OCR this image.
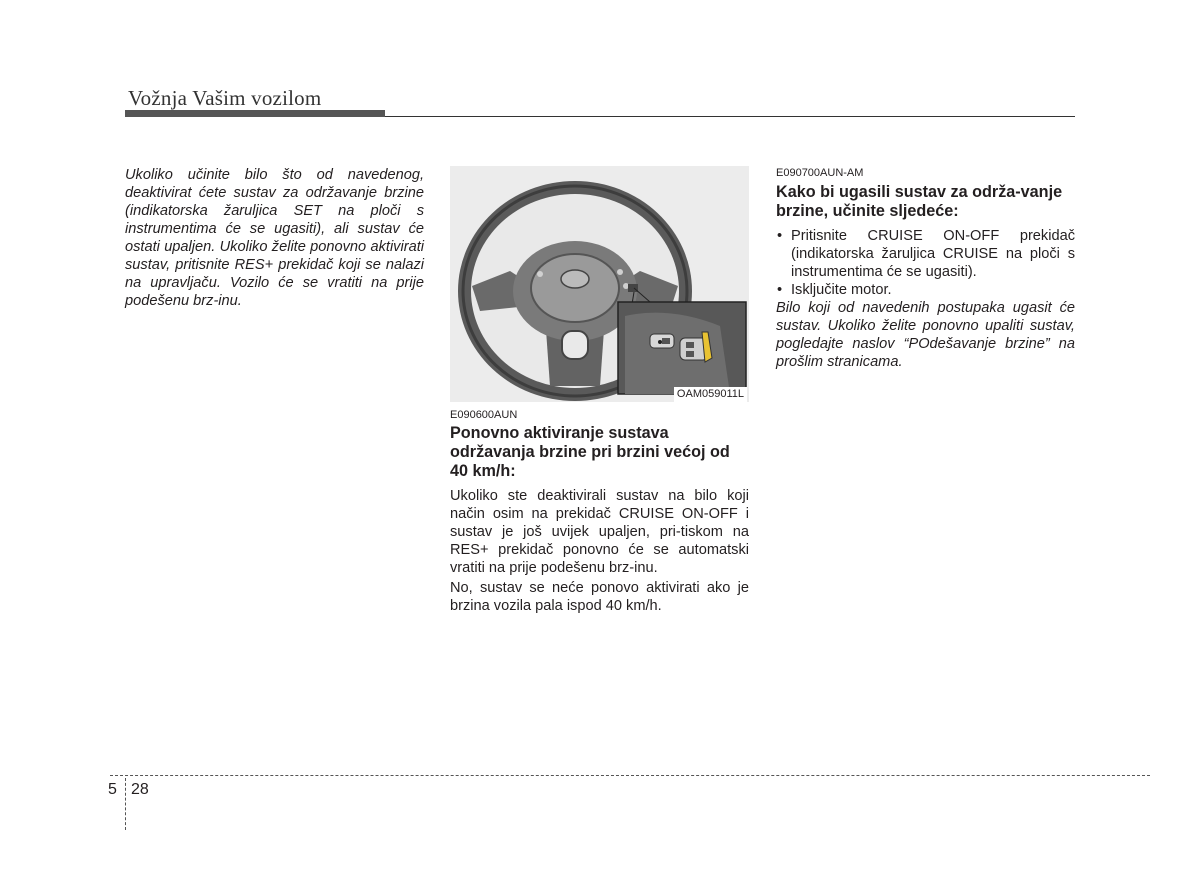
Vožnja Vašim vozilom

Ukoliko učinite bilo što od navedenog, deaktivirat ćete sustav za održavanje brzine (indikatorska žaruljica SET na ploči s instrumentima će se ugasiti), ali sustav će ostati upaljen. Ukoliko želite ponovno aktivirati sustav, pritisnite RES+ prekidač koji se nalazi na upravljaču. Vozilo će se vratiti na prije podešenu brz-inu.

OAM059011L

E090600AUN

Ponovno aktiviranje sustava održavanja brzine pri brzini većoj od 40 km/h:

Ukoliko ste deaktivirali sustav na bilo koji način osim na prekidač CRUISE ON-OFF i sustav je još uvijek upaljen, pri-tiskom na RES+ prekidač ponovno će se automatski vratiti na prije podešenu brz-inu.

No, sustav se neće ponovo aktivirati ako je brzina vozila pala ispod 40 km/h.

E090700AUN-AM

Kako bi ugasili sustav za održa-vanje brzine, učinite sljedeće:
• Pritisnite CRUISE ON-OFF prekidač (indikatorska žaruljica CRUISE na ploči s instrumentima će se ugasiti).
• Isključite motor.

Bilo koji od navedenih postupaka ugasit će sustav. Ukoliko želite ponovno upaliti sustav, pogledajte naslov “POdešavanje brzine” na prošlim stranicama.

5 28
